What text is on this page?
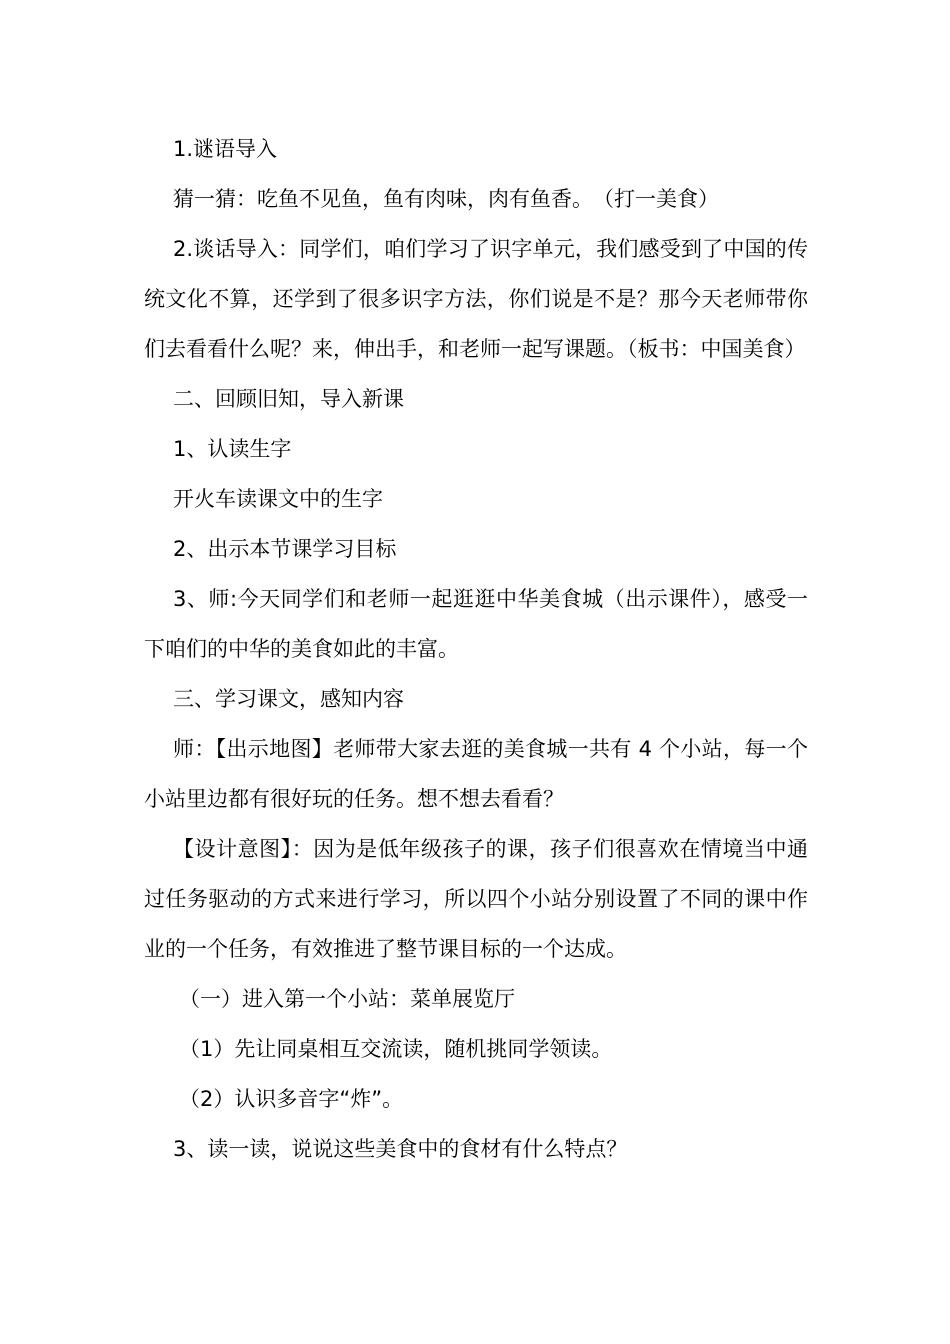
1.谜语导入

猜一猜：吃鱼不见鱼，鱼有肉味，肉有鱼香。　（打一美食）

2.谈话导入：同学们，咱们学习了识字单元，我们感受到了中国的传统文化不算，还学到了很多识字方法，你们说是不是？那今天老师带你们去看看什么呢？来，伸出手，和老师一起写课题。（板书：中国美食）

二、回顾旧知，导入新课

1、认读生字

开火车读课文中的生字

2、出示本节课学习目标

3、师:今天同学们和老师一起逛逛中华美食城（出示课件），感受一下咱们的中华的美食如此的丰富。

三、学习课文，感知内容

师：【出示地图】老师带大家去逛的美食城一共有 4 个小站，每一个小站里边都有很好玩的任务。想不想去看看？

【设计意图】：因为是低年级孩子的课，孩子们很喜欢在情境当中通过任务驱动的方式来进行学习，所以四个小站分别设置了不同的课中作业的一个任务，有效推进了整节课目标的一个达成。

（一）进入第一个小站：菜单展览厅

（1）先让同桌相互交流读，随机挑同学领读。

（2）认识多音字“炸”。

3、读一读，说说这些美食中的食材有什么特点？
